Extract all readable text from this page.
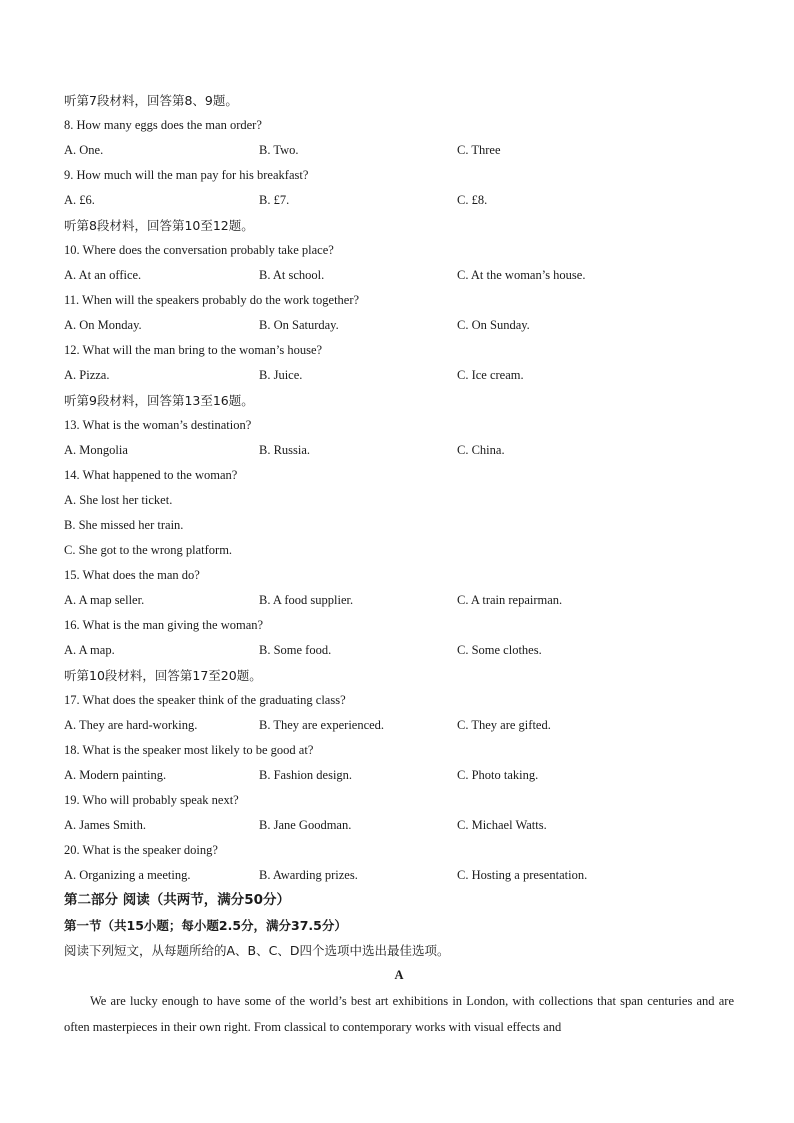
听第7段材料，回答第8、9题。
8. How many eggs does the man order?
A. One.	B. Two.	C. Three
9. How much will the man pay for his breakfast?
A. £6.	B. £7.	C. £8.
听第8段材料，回答第10至12题。
10. Where does the conversation probably take place?
A. At an office.	B. At school.	C. At the woman’s house.
11. When will the speakers probably do the work together?
A. On Monday.	B. On Saturday.	C. On Sunday.
12. What will the man bring to the woman’s house?
A. Pizza.	B. Juice.	C. Ice cream.
听第9段材料，回答第13至16题。
13. What is the woman’s destination?
A. Mongolia	B. Russia.	C. China.
14. What happened to the woman?
A. She lost her ticket.
B. She missed her train.
C. She got to the wrong platform.
15. What does the man do?
A. A map seller.	B. A food supplier.	C. A train repairman.
16. What is the man giving the woman?
A. A map.	B. Some food.	C. Some clothes.
听第10段材料，回答第17至20题。
17. What does the speaker think of the graduating class?
A. They are hard-working.	B. They are experienced.	C. They are gifted.
18. What is the speaker most likely to be good at?
A. Modern painting.	B. Fashion design.	C. Photo taking.
19. Who will probably speak next?
A. James Smith.	B. Jane Goodman.	C. Michael Watts.
20. What is the speaker doing?
A. Organizing a meeting.	B. Awarding prizes.	C. Hosting a presentation.
第二部分 阅读（共两节，满分50分）
第一节（共15小题；每小题2.5分，满分37.5分）
阅读下列短文，从每题所给的A、B、C、D四个选项中选出最佳选项。
A

We are lucky enough to have some of the world’s best art exhibitions in London, with collections that span centuries and are often masterpieces in their own right. From classical to contemporary works with visual effects and
